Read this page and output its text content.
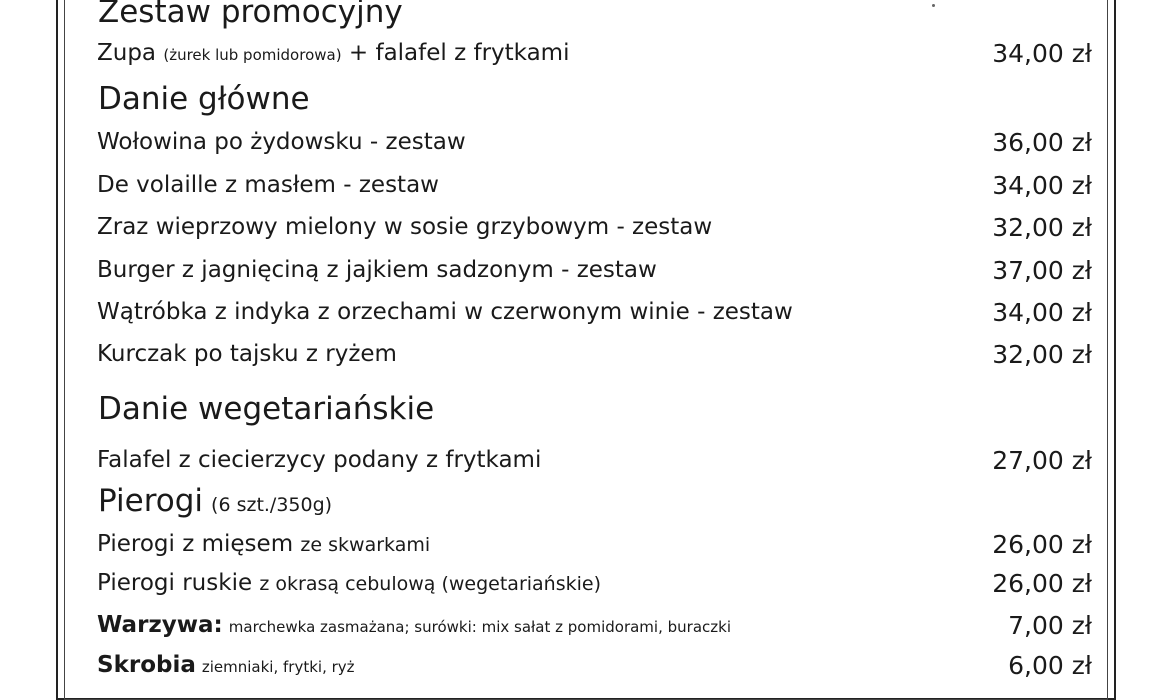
Zestaw promocyjny
Zupa (żurek lub pomidorowa) + falafel z frytkami	34,00 zł
Danie główne
Wołowina po żydowsku - zestaw	36,00 zł
De volaille z masłem - zestaw	34,00 zł
Zraz wieprzowy mielony w sosie grzybowym - zestaw	32,00 zł
Burger z jagnięciną z jajkiem sadzonym - zestaw	37,00 zł
Wątróbka z indyka z orzechami w czerwonym winie - zestaw	34,00 zł
Kurczak po tajsku z ryżem	32,00 zł
Danie wegetariańskie
Falafel z ciecierzycy podany z frytkami	27,00 zł
Pierogi (6 szt./350g)
Pierogi z mięsem ze skwarkami	26,00 zł
Pierogi ruskie z okrasą cebulową (wegetariańskie)	26,00 zł
Warzywa: marchewka zasmażana; surówki: mix sałat z pomidorami, buraczki	7,00 zł
Skrobia ziemniaki, frytki, ryż	6,00 zł
